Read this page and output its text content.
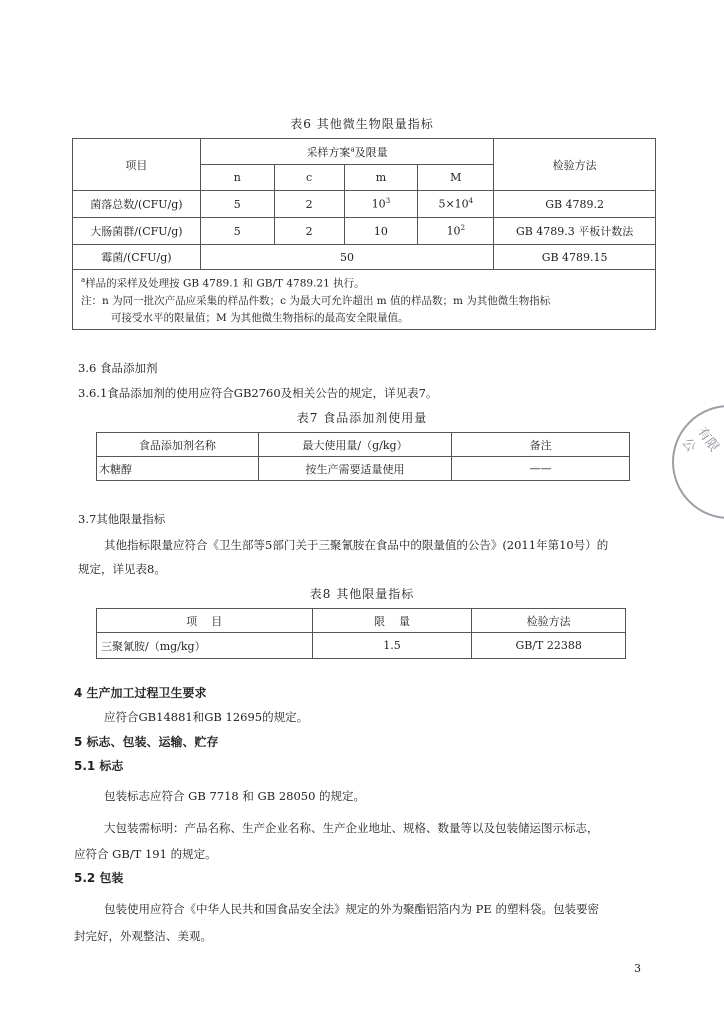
表6 其他微生物限量指标
项目	采样方案$^a$及限量				检验方法
	n	c	m	M	
菌落总数/(CFU/g)	5	2	$10^3$	$5\times 10^4$	GB 4789.2
大肠菌群/(CFU/g)	5	2	10	$10^2$	GB 4789.3 平板计数法
霉菌/(CFU/g)	50				GB 4789.15

$^a$样品的采样及处理按 GB 4789.1 和 GB/T 4789.21 执行。
注：n 为同一批次产品应采集的样品件数；c 为最大可允许超出 m 值的样品数；m 为其他微生物指标
可接受水平的限量值；M 为其他微生物指标的最高安全限量值。					
3.6 食品添加剂
3.6.1食品添加剂的使用应符合GB2760及相关公告的规定，详见表7。
表7 食品添加剂使用量
食品添加剂名称	最大使用量/（g/kg）	备注
木糖醇	按生产需要适量使用	——
3.7其他限量指标
其他指标限量应符合《卫生部等5部门关于三聚氰胺在食品中的限量值的公告》(2011年第10号）的
规定，详见表8。
表8 其他限量指标
项    目	限    量	检验方法
三聚氰胺/（mg/kg）	1.5	GB/T 22388
4 生产加工过程卫生要求
应符合GB14881和GB 12695的规定。
5 标志、包装、运输、贮存
5.1 标志
包装标志应符合 GB 7718 和 GB 28050 的规定。
大包装需标明：产品名称、生产企业名称、生产企业地址、规格、数量等以及包装储运图示标志，
应符合 GB/T 191 的规定。
5.2 包装
包装使用应符合《中华人民共和国食品安全法》规定的外为聚酯铝箔内为 PE 的塑料袋。包装要密
封完好，外观整洁、美观。
有限公
3
